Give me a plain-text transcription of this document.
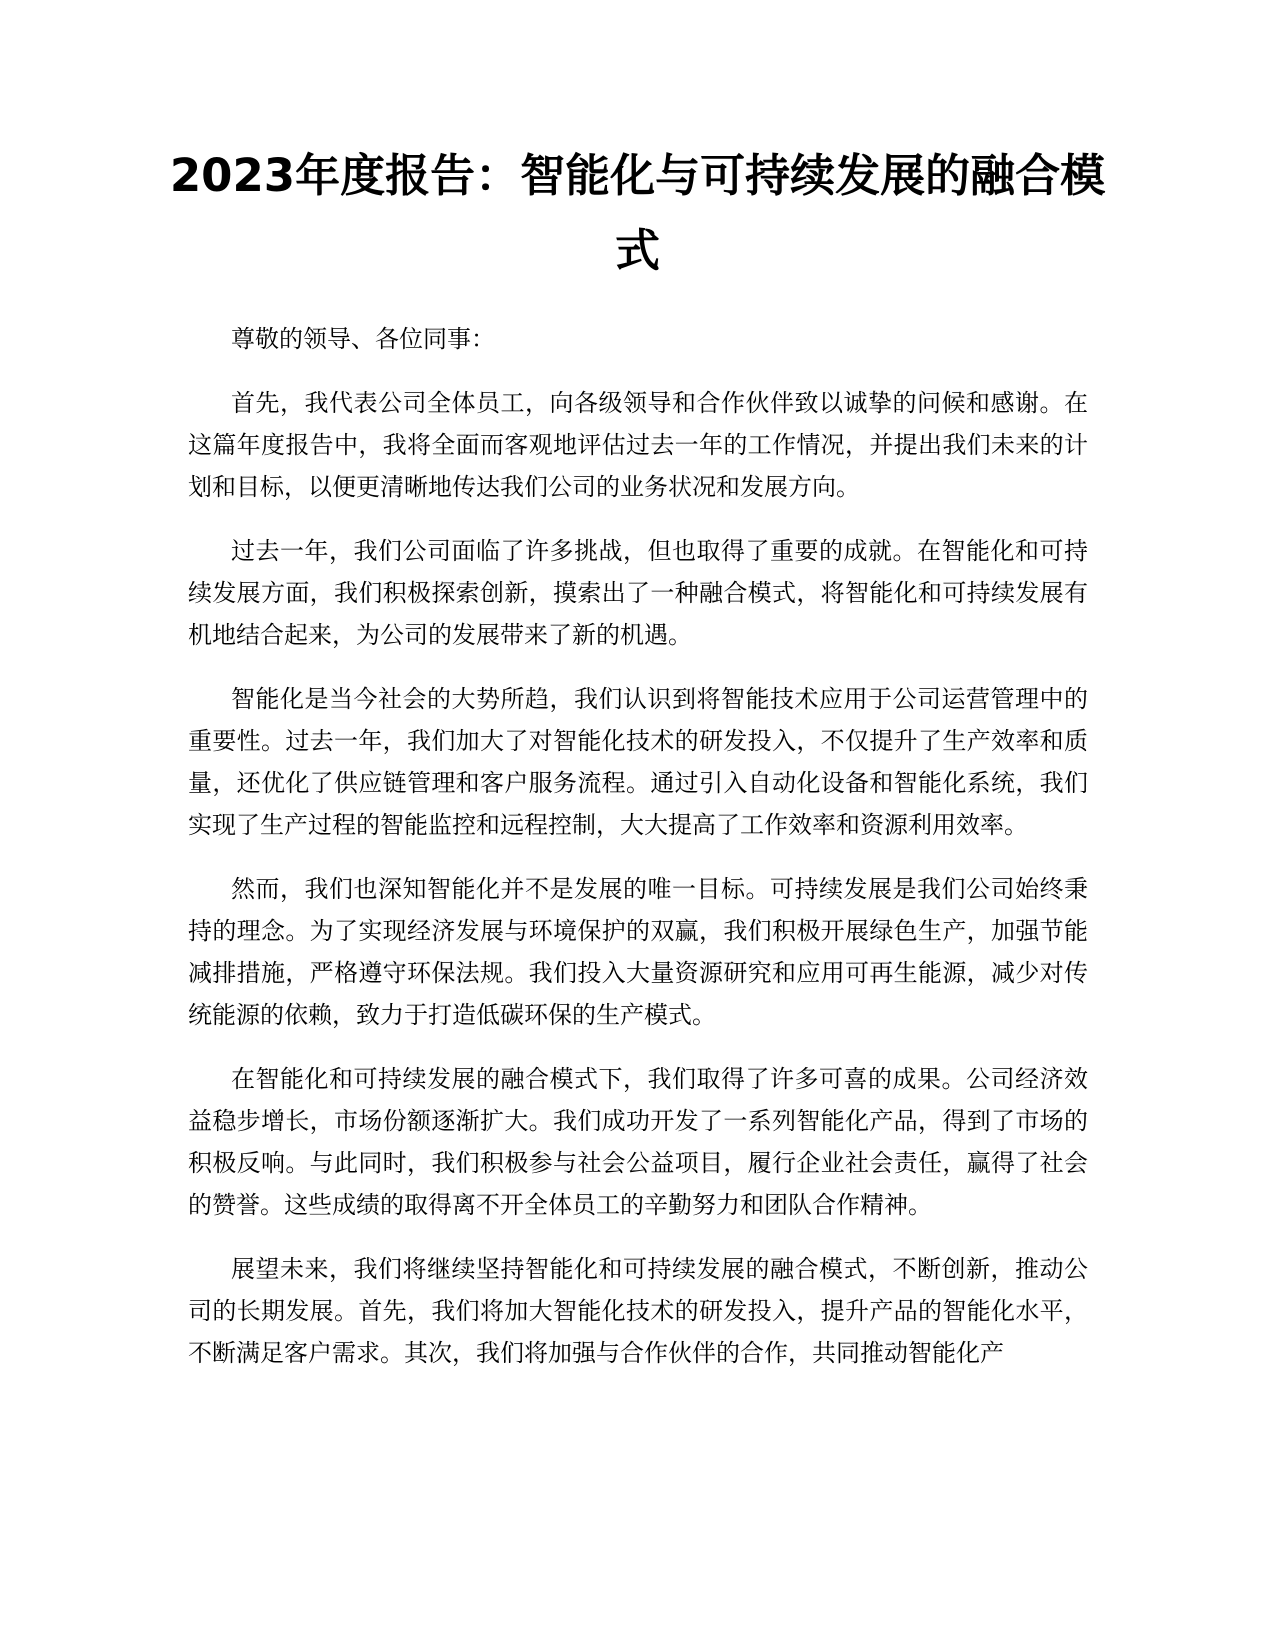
2023年度报告：智能化与可持续发展的融合模式

尊敬的领导、各位同事：

首先，我代表公司全体员工，向各级领导和合作伙伴致以诚挚的问候和感谢。在这篇年度报告中，我将全面而客观地评估过去一年的工作情况，并提出我们未来的计划和目标，以便更清晰地传达我们公司的业务状况和发展方向。

过去一年，我们公司面临了许多挑战，但也取得了重要的成就。在智能化和可持续发展方面，我们积极探索创新，摸索出了一种融合模式，将智能化和可持续发展有机地结合起来，为公司的发展带来了新的机遇。

智能化是当今社会的大势所趋，我们认识到将智能技术应用于公司运营管理中的重要性。过去一年，我们加大了对智能化技术的研发投入，不仅提升了生产效率和质量，还优化了供应链管理和客户服务流程。通过引入自动化设备和智能化系统，我们实现了生产过程的智能监控和远程控制，大大提高了工作效率和资源利用效率。

然而，我们也深知智能化并不是发展的唯一目标。可持续发展是我们公司始终秉持的理念。为了实现经济发展与环境保护的双赢，我们积极开展绿色生产，加强节能减排措施，严格遵守环保法规。我们投入大量资源研究和应用可再生能源，减少对传统能源的依赖，致力于打造低碳环保的生产模式。

在智能化和可持续发展的融合模式下，我们取得了许多可喜的成果。公司经济效益稳步增长，市场份额逐渐扩大。我们成功开发了一系列智能化产品，得到了市场的积极反响。与此同时，我们积极参与社会公益项目，履行企业社会责任，赢得了社会的赞誉。这些成绩的取得离不开全体员工的辛勤努力和团队合作精神。

展望未来，我们将继续坚持智能化和可持续发展的融合模式，不断创新，推动公司的长期发展。首先，我们将加大智能化技术的研发投入，提升产品的智能化水平，不断满足客户需求。其次，我们将加强与合作伙伴的合作，共同推动智能化产
